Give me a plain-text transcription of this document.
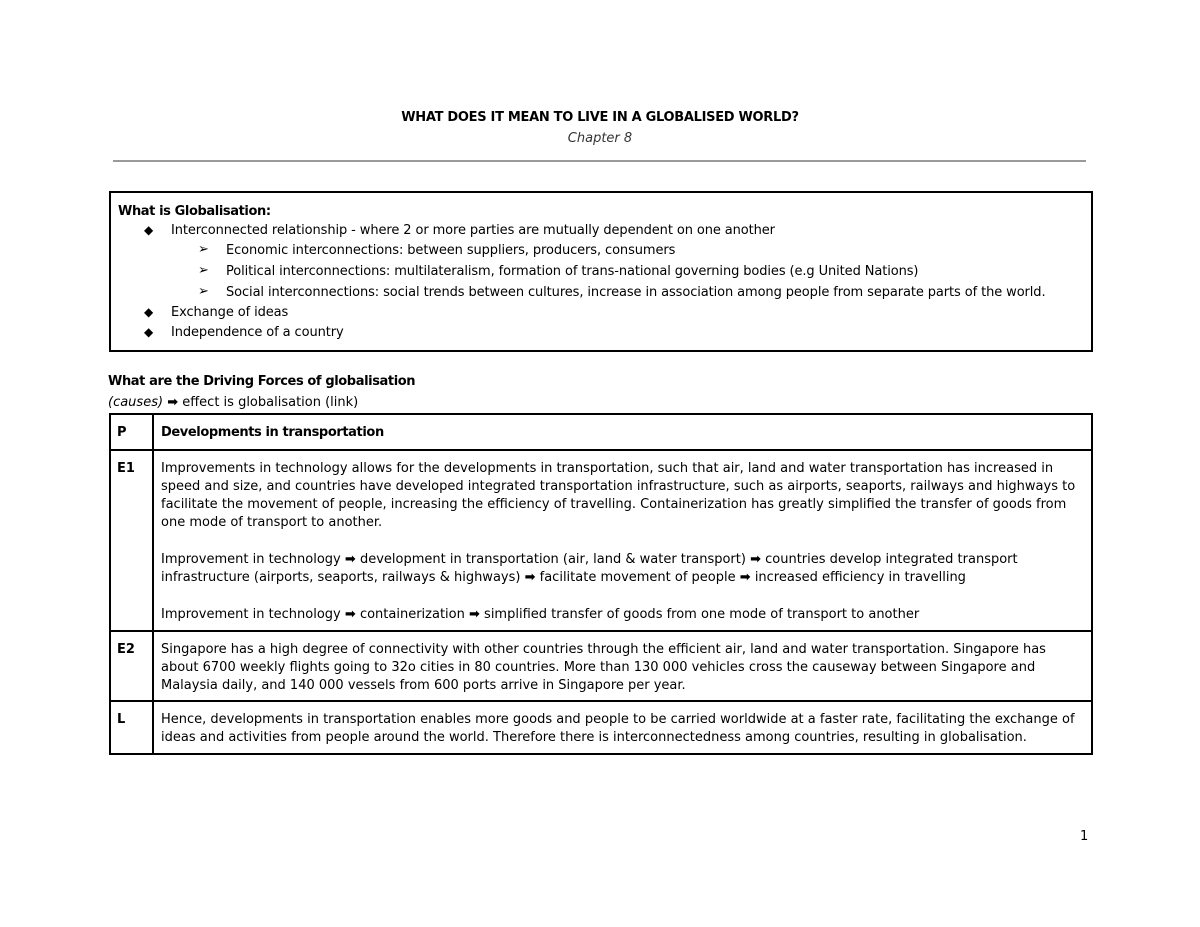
WHAT DOES IT MEAN TO LIVE IN A GLOBALISED WORLD?
Chapter 8
What is Globalisation:
◆ Interconnected relationship - where 2 or more parties are mutually dependent on one another
➢ Economic interconnections: between suppliers, producers, consumers
➢ Political interconnections: multilateralism, formation of trans-national governing bodies (e.g United Nations)
➢ Social interconnections: social trends between cultures, increase in association among people from separate parts of the world.
◆ Exchange of ideas
◆ Independence of a country
What are the Driving Forces of globalisation
(causes) ➡ effect is globalisation (link)
P	Developments in transportation
E1	Improvements in technology allows for the developments in transportation, such that air, land and water transportation has increased in speed and size, and countries have developed integrated transportation infrastructure, such as airports, seaports, railways and highways to facilitate the movement of people, increasing the efficiency of travelling. Containerization has greatly simplified the transfer of goods from one mode of transport to another.

Improvement in technology ➡ development in transportation (air, land & water transport) ➡ countries develop integrated transport infrastructure (airports, seaports, railways & highways) ➡ facilitate movement of people ➡ increased efficiency in travelling

Improvement in technology ➡ containerization ➡ simplified transfer of goods from one mode of transport to another

E2	Singapore has a high degree of connectivity with other countries through the efficient air, land and water transportation. Singapore has about 6700 weekly flights going to 32o cities in 80 countries. More than 130 000 vehicles cross the causeway between Singapore and Malaysia daily, and 140 000 vessels from 600 ports arrive in Singapore per year.
L	Hence, developments in transportation enables more goods and people to be carried worldwide at a faster rate, facilitating the exchange of ideas and activities from people around the world. Therefore there is interconnectedness among countries, resulting in globalisation.
1
